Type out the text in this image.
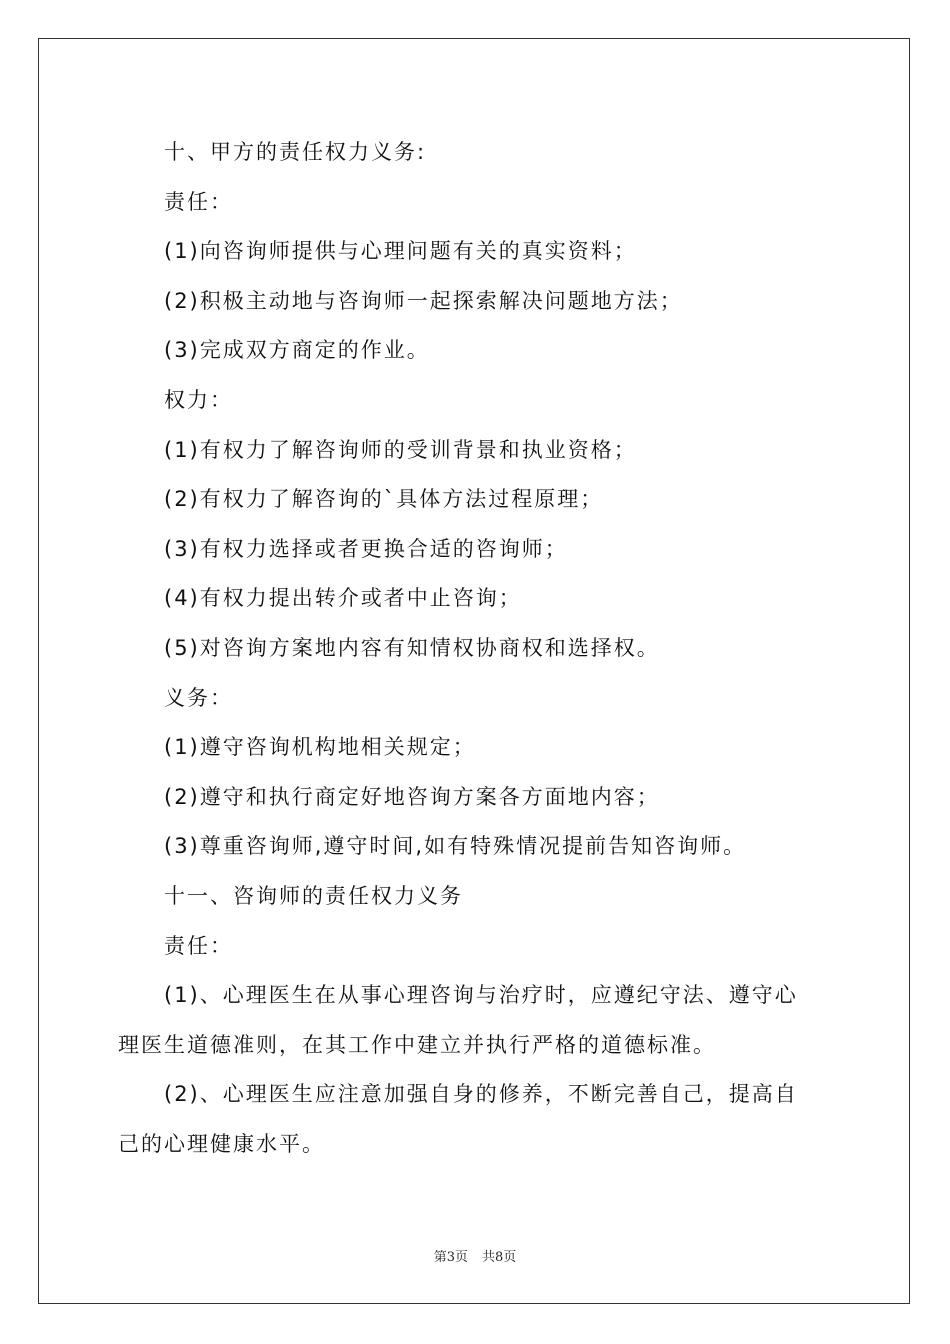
十、甲方的责任权力义务:
责任：
(1)向咨询师提供与心理问题有关的真实资料；
(2)积极主动地与咨询师一起探索解决问题地方法；
(3)完成双方商定的作业。
权力：
(1)有权力了解咨询师的受训背景和执业资格；
(2)有权力了解咨询的`具体方法过程原理；
(3)有权力选择或者更换合适的咨询师；
(4)有权力提出转介或者中止咨询；
(5)对咨询方案地内容有知情权协商权和选择权。
义务：
(1)遵守咨询机构地相关规定；
(2)遵守和执行商定好地咨询方案各方面地内容；
(3)尊重咨询师,遵守时间,如有特殊情况提前告知咨询师。
十一、咨询师的责任权力义务
责任：
(1)、心理医生在从事心理咨询与治疗时，应遵纪守法、遵守心
理医生道德准则，在其工作中建立并执行严格的道德标准。
(2)、心理医生应注意加强自身的修养，不断完善自己，提高自
己的心理健康水平。
第3页 共8页
